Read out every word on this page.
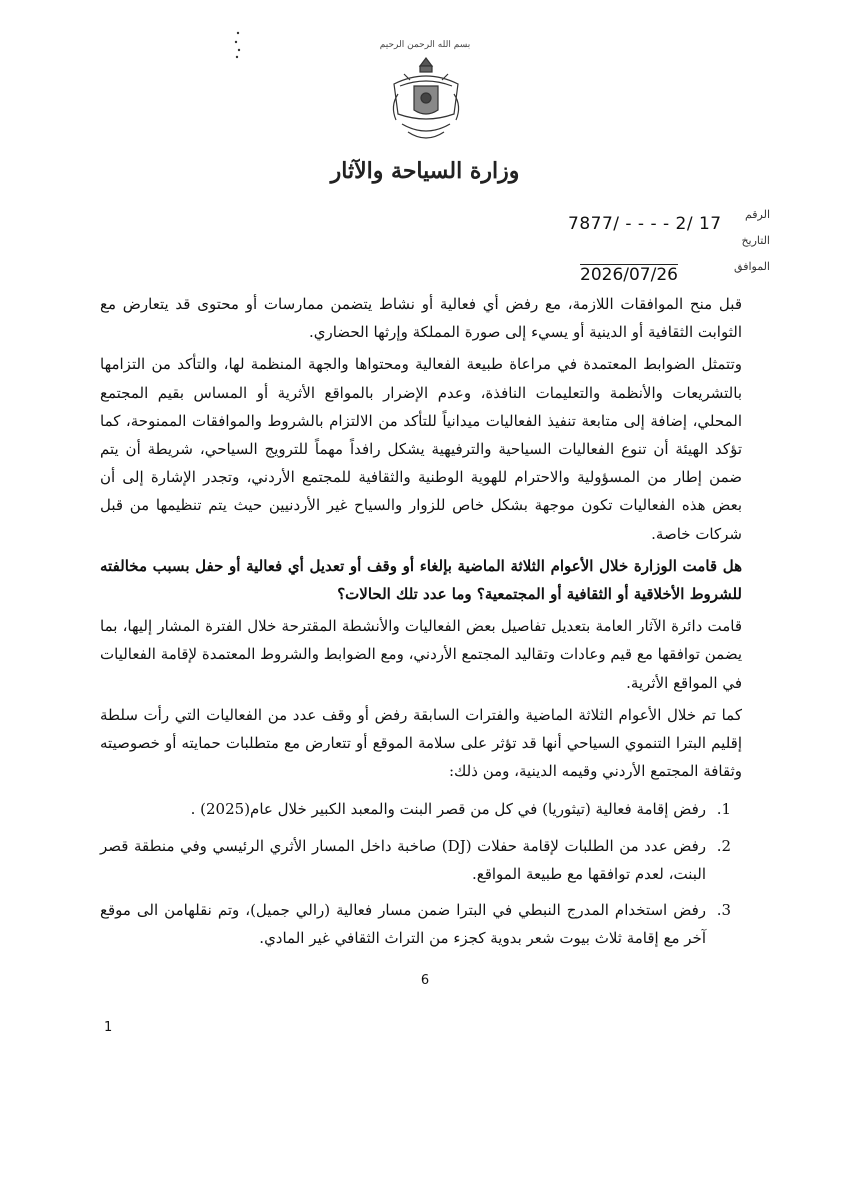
بسم الله الرحمن الرحيم
وزارة السياحة والآثار
الرقم
التاريخ
الموافق
7877/ - - - - 2/ 17
2026/07/26

قبل منح الموافقات اللازمة، مع رفض أي فعالية أو نشاط يتضمن ممارسات أو محتوى قد يتعارض مع الثوابت الثقافية أو الدينية أو يسيء إلى صورة المملكة وإرثها الحضاري.

وتتمثل الضوابط المعتمدة في مراعاة طبيعة الفعالية ومحتواها والجهة المنظمة لها، والتأكد من التزامها بالتشريعات والأنظمة والتعليمات النافذة، وعدم الإضرار بالمواقع الأثرية أو المساس بقيم المجتمع المحلي، إضافة إلى متابعة تنفيذ الفعاليات ميدانياً للتأكد من الالتزام بالشروط والموافقات الممنوحة، كما تؤكد الهيئة أن تنوع الفعاليات السياحية والترفيهية يشكل رافداً مهماً للترويج السياحي، شريطة أن يتم ضمن إطار من المسؤولية والاحترام للهوية الوطنية والثقافية للمجتمع الأردني، وتجدر الإشارة إلى أن بعض هذه الفعاليات تكون موجهة بشكل خاص للزوار والسياح غير الأردنيين حيث يتم تنظيمها من قبل شركات خاصة.

هل قامت الوزارة خلال الأعوام الثلاثة الماضية بإلغاء أو وقف أو تعديل أي فعالية أو حفل بسبب مخالفته للشروط الأخلاقية أو الثقافية أو المجتمعية؟ وما عدد تلك الحالات؟

قامت دائرة الآثار العامة بتعديل تفاصيل بعض الفعاليات والأنشطة المقترحة خلال الفترة المشار إليها، بما يضمن توافقها مع قيم وعادات وتقاليد المجتمع الأردني، ومع الضوابط والشروط المعتمدة لإقامة الفعاليات في المواقع الأثرية.

كما تم خلال الأعوام الثلاثة الماضية والفترات السابقة رفض أو وقف عدد من الفعاليات التي رأت سلطة إقليم البترا التنموي السياحي أنها قد تؤثر على سلامة الموقع أو تتعارض مع متطلبات حمايته أو خصوصيته وثقافة المجتمع الأردني وقيمه الدينية، ومن ذلك:

1. رفض إقامة فعالية (تيثوريا) في كل من قصر البنت والمعبد الكبير خلال عام(2025) .
2. رفض عدد من الطلبات لإقامة حفلات (DJ) صاخبة داخل المسار الأثري الرئيسي وفي منطقة قصر البنت، لعدم توافقها مع طبيعة المواقع.
3. رفض استخدام المدرج النبطي في البترا ضمن مسار فعالية (رالي جميل)، وتم نقلهامن الى موقع آخر مع إقامة ثلاث بيوت شعر بدوية كجزء من التراث الثقافي غير المادي.
6
1
